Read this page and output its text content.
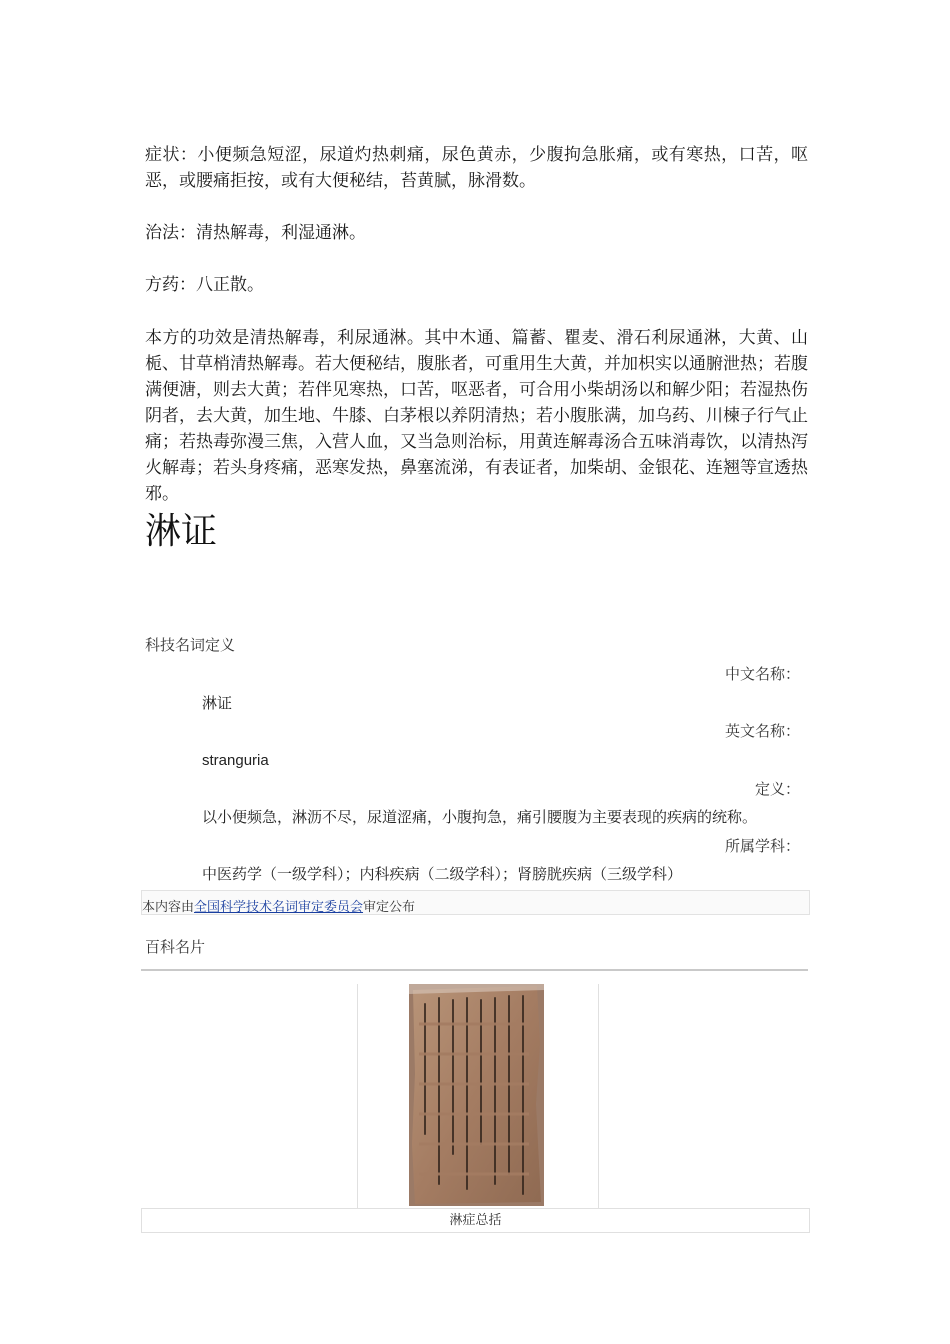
症状：小便频急短涩，尿道灼热刺痛，尿色黄赤，少腹拘急胀痛，或有寒热，口苦，呕恶，或腰痛拒按，或有大便秘结，苔黄腻，脉滑数。

治法：清热解毒，利湿通淋。

方药：八正散。

本方的功效是清热解毒，利尿通淋。其中木通、篇蓄、瞿麦、滑石利尿通淋，大黄、山栀、甘草梢清热解毒。若大便秘结，腹胀者，可重用生大黄，并加枳实以通腑泄热；若腹满便溏，则去大黄；若伴见寒热，口苦，呕恶者，可合用小柴胡汤以和解少阳；若湿热伤阴者，去大黄，加生地、牛膝、白茅根以养阴清热；若小腹胀满，加乌药、川楝子行气止痛；若热毒弥漫三焦，入营人血，又当急则治标，用黄连解毒汤合五味消毒饮，以清热泻火解毒；若头身疼痛，恶寒发热，鼻塞流涕，有表证者，加柴胡、金银花、连翘等宣透热邪。

淋证
科技名词定义
中文名称：
淋证
英文名称：
stranguria
定义：
以小便频急，淋沥不尽，尿道涩痛，小腹拘急，痛引腰腹为主要表现的疾病的统称。
所属学科：
中医药学（一级学科）；内科疾病（二级学科）；肾膀胱疾病（三级学科）
本内容由全国科学技术名词审定委员会审定公布
百科名片
淋症总括
